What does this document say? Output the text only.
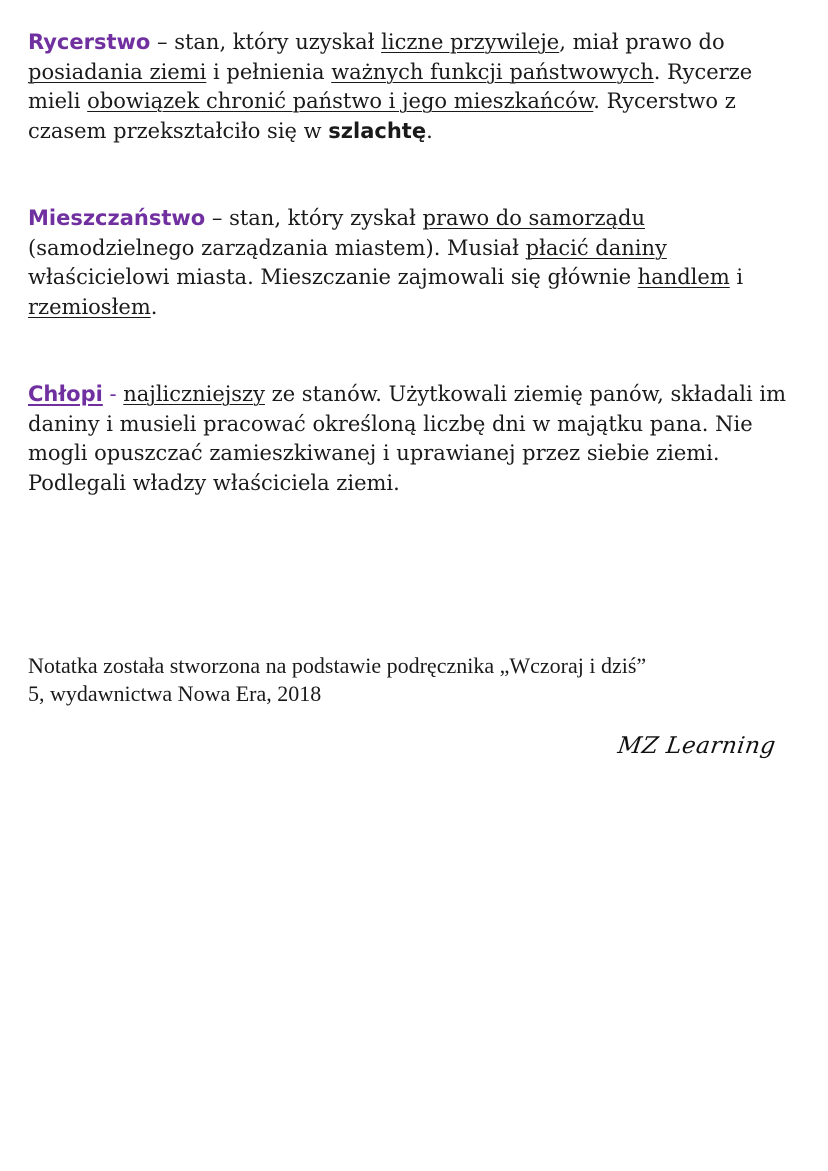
Rycerstwo – stan, który uzyskał liczne przywileje, miał prawo do posiadania ziemi i pełnienia ważnych funkcji państwowych. Rycerze mieli obowiązek chronić państwo i jego mieszkańców. Rycerstwo z czasem przekształciło się w szlachtę.

Mieszczaństwo – stan, który zyskał prawo do samorządu (samodzielnego zarządzania miastem). Musiał płacić daniny właścicielowi miasta. Mieszczanie zajmowali się głównie handlem i rzemiosłem.

Chłopi - najliczniejszy ze stanów. Użytkowali ziemię panów, składali im daniny i musieli pracować określoną liczbę dni w majątku pana. Nie mogli opuszczać zamieszkiwanej i uprawianej przez siebie ziemi. Podlegali władzy właściciela ziemi.

Notatka została stworzona na podstawie podręcznika „Wczoraj i dziś”
5, wydawnictwa Nowa Era, 2018

MZ Learning
